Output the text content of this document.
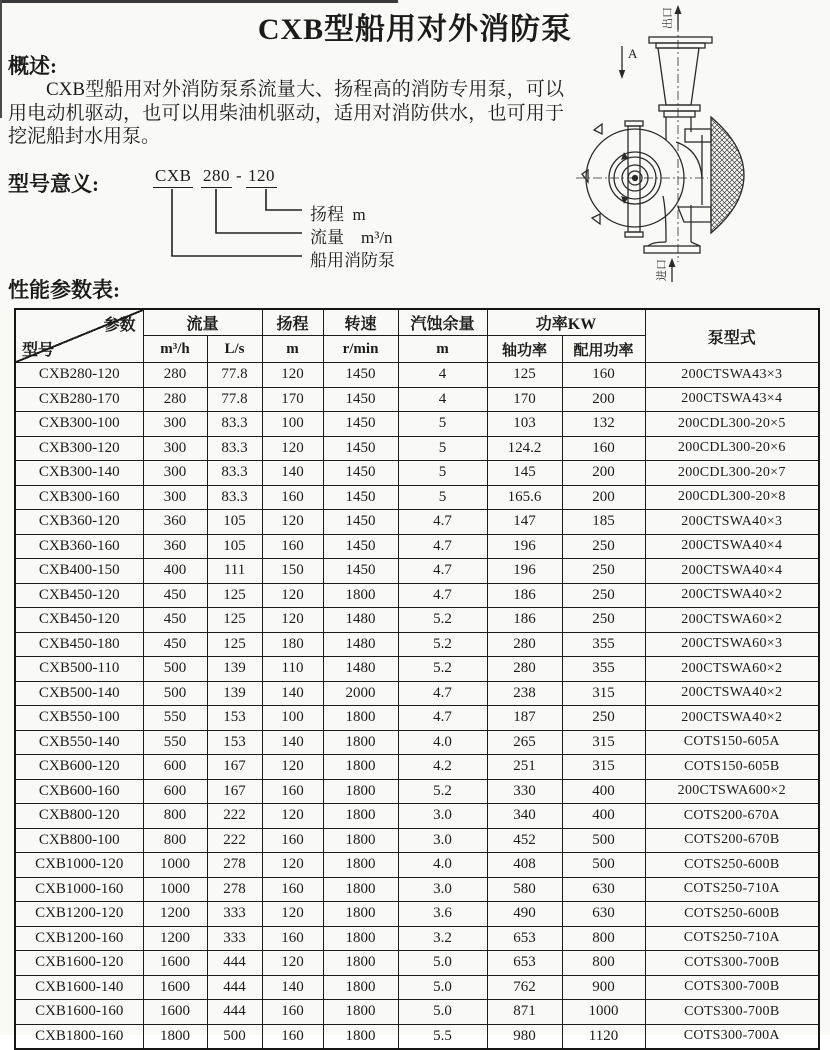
CXB型船用对外消防泵
概述:
CXB型船用对外消防泵系流量大、扬程高的消防专用泵，可以用电动机驱动，也可以用柴油机驱动，适用对消防供水，也可用于挖泥船封水用泵。
型号意义:	CXB 280 - 120
扬程  m
流量    m³/n
船用消防泵
性能参数表:
出口
进口
A
参数
型号	流量		扬程	转速	汽蚀余量	功率KW		泵型式
	m³/h	L/s	m	r/min	m	轴功率	配用功率	
CXB280-120	280	77.8	120	1450	4	125	160	200CTSWA43×3
CXB280-170	280	77.8	170	1450	4	170	200	200CTSWA43×4
CXB300-100	300	83.3	100	1450	5	103	132	200CDL300-20×5
CXB300-120	300	83.3	120	1450	5	124.2	160	200CDL300-20×6
CXB300-140	300	83.3	140	1450	5	145	200	200CDL300-20×7
CXB300-160	300	83.3	160	1450	5	165.6	200	200CDL300-20×8
CXB360-120	360	105	120	1450	4.7	147	185	200CTSWA40×3
CXB360-160	360	105	160	1450	4.7	196	250	200CTSWA40×4
CXB400-150	400	111	150	1450	4.7	196	250	200CTSWA40×4
CXB450-120	450	125	120	1800	4.7	186	250	200CTSWA40×2
CXB450-120	450	125	120	1480	5.2	186	250	200CTSWA60×2
CXB450-180	450	125	180	1480	5.2	280	355	200CTSWA60×3
CXB500-110	500	139	110	1480	5.2	280	355	200CTSWA60×2
CXB500-140	500	139	140	2000	4.7	238	315	200CTSWA40×2
CXB550-100	550	153	100	1800	4.7	187	250	200CTSWA40×2
CXB550-140	550	153	140	1800	4.0	265	315	COTS150-605A
CXB600-120	600	167	120	1800	4.2	251	315	COTS150-605B
CXB600-160	600	167	160	1800	5.2	330	400	200CTSWA600×2
CXB800-120	800	222	120	1800	3.0	340	400	COTS200-670A
CXB800-100	800	222	160	1800	3.0	452	500	COTS200-670B
CXB1000-120	1000	278	120	1800	4.0	408	500	COTS250-600B
CXB1000-160	1000	278	160	1800	3.0	580	630	COTS250-710A
CXB1200-120	1200	333	120	1800	3.6	490	630	COTS250-600B
CXB1200-160	1200	333	160	1800	3.2	653	800	COTS250-710A
CXB1600-120	1600	444	120	1800	5.0	653	800	COTS300-700B
CXB1600-140	1600	444	140	1800	5.0	762	900	COTS300-700B
CXB1600-160	1600	444	160	1800	5.0	871	1000	COTS300-700B
CXB1800-160	1800	500	160	1800	5.5	980	1120	COTS300-700A
